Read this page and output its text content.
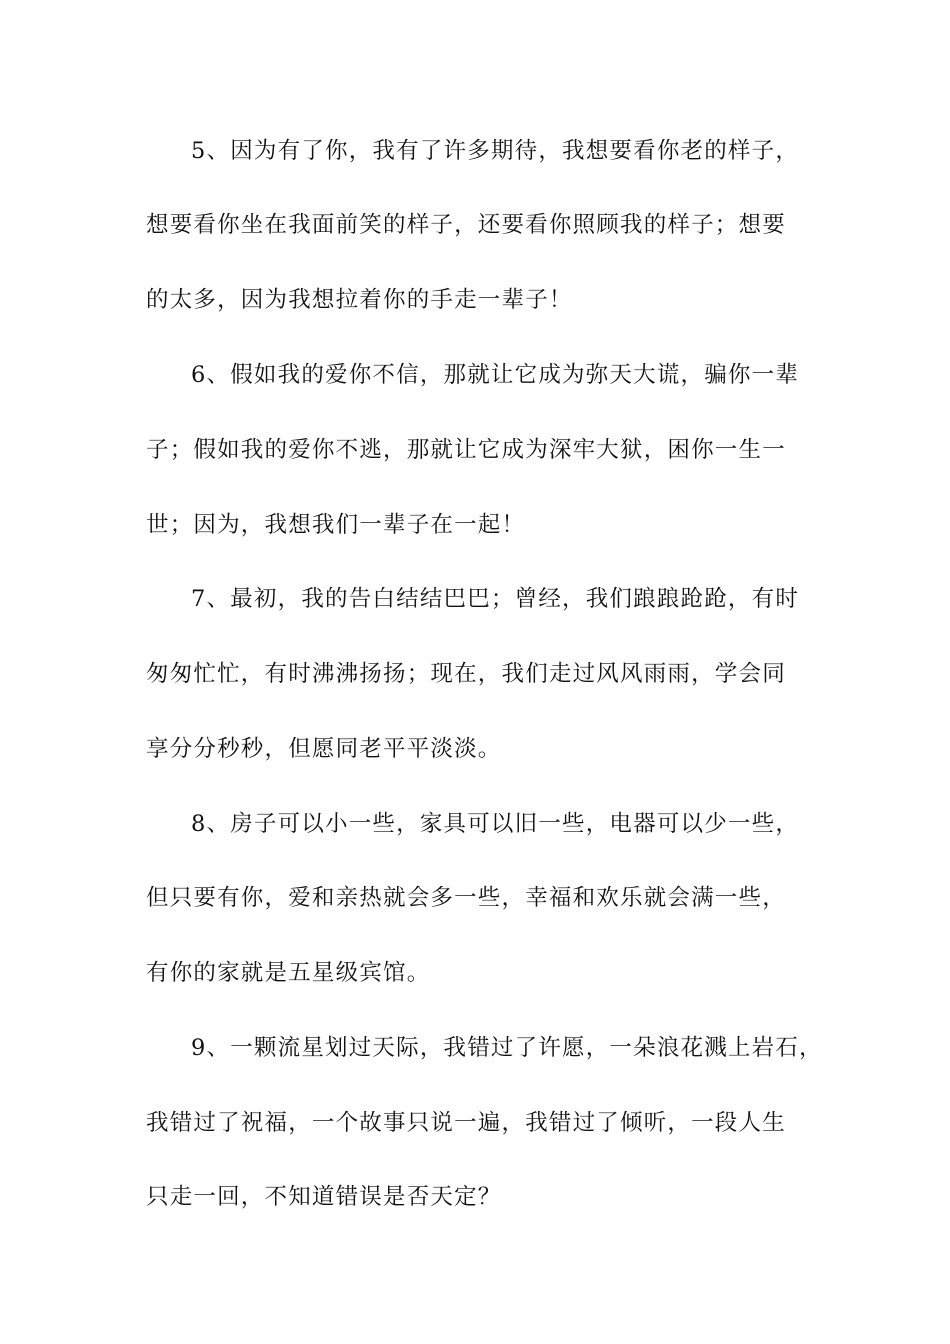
5、因为有了你，我有了许多期待，我想要看你老的样子，
想要看你坐在我面前笑的样子，还要看你照顾我的样子；想要
的太多，因为我想拉着你的手走一辈子！
6、假如我的爱你不信，那就让它成为弥天大谎，骗你一辈
子；假如我的爱你不逃，那就让它成为深牢大狱，困你一生一
世；因为，我想我们一辈子在一起！
7、最初，我的告白结结巴巴；曾经，我们踉踉跄跄，有时
匆匆忙忙，有时沸沸扬扬；现在，我们走过风风雨雨，学会同
享分分秒秒，但愿同老平平淡淡。
8、房子可以小一些，家具可以旧一些，电器可以少一些，
但只要有你，爱和亲热就会多一些，幸福和欢乐就会满一些，
有你的家就是五星级宾馆。
9、一颗流星划过天际，我错过了许愿，一朵浪花溅上岩石，
我错过了祝福，一个故事只说一遍，我错过了倾听，一段人生
只走一回，不知道错误是否天定？
